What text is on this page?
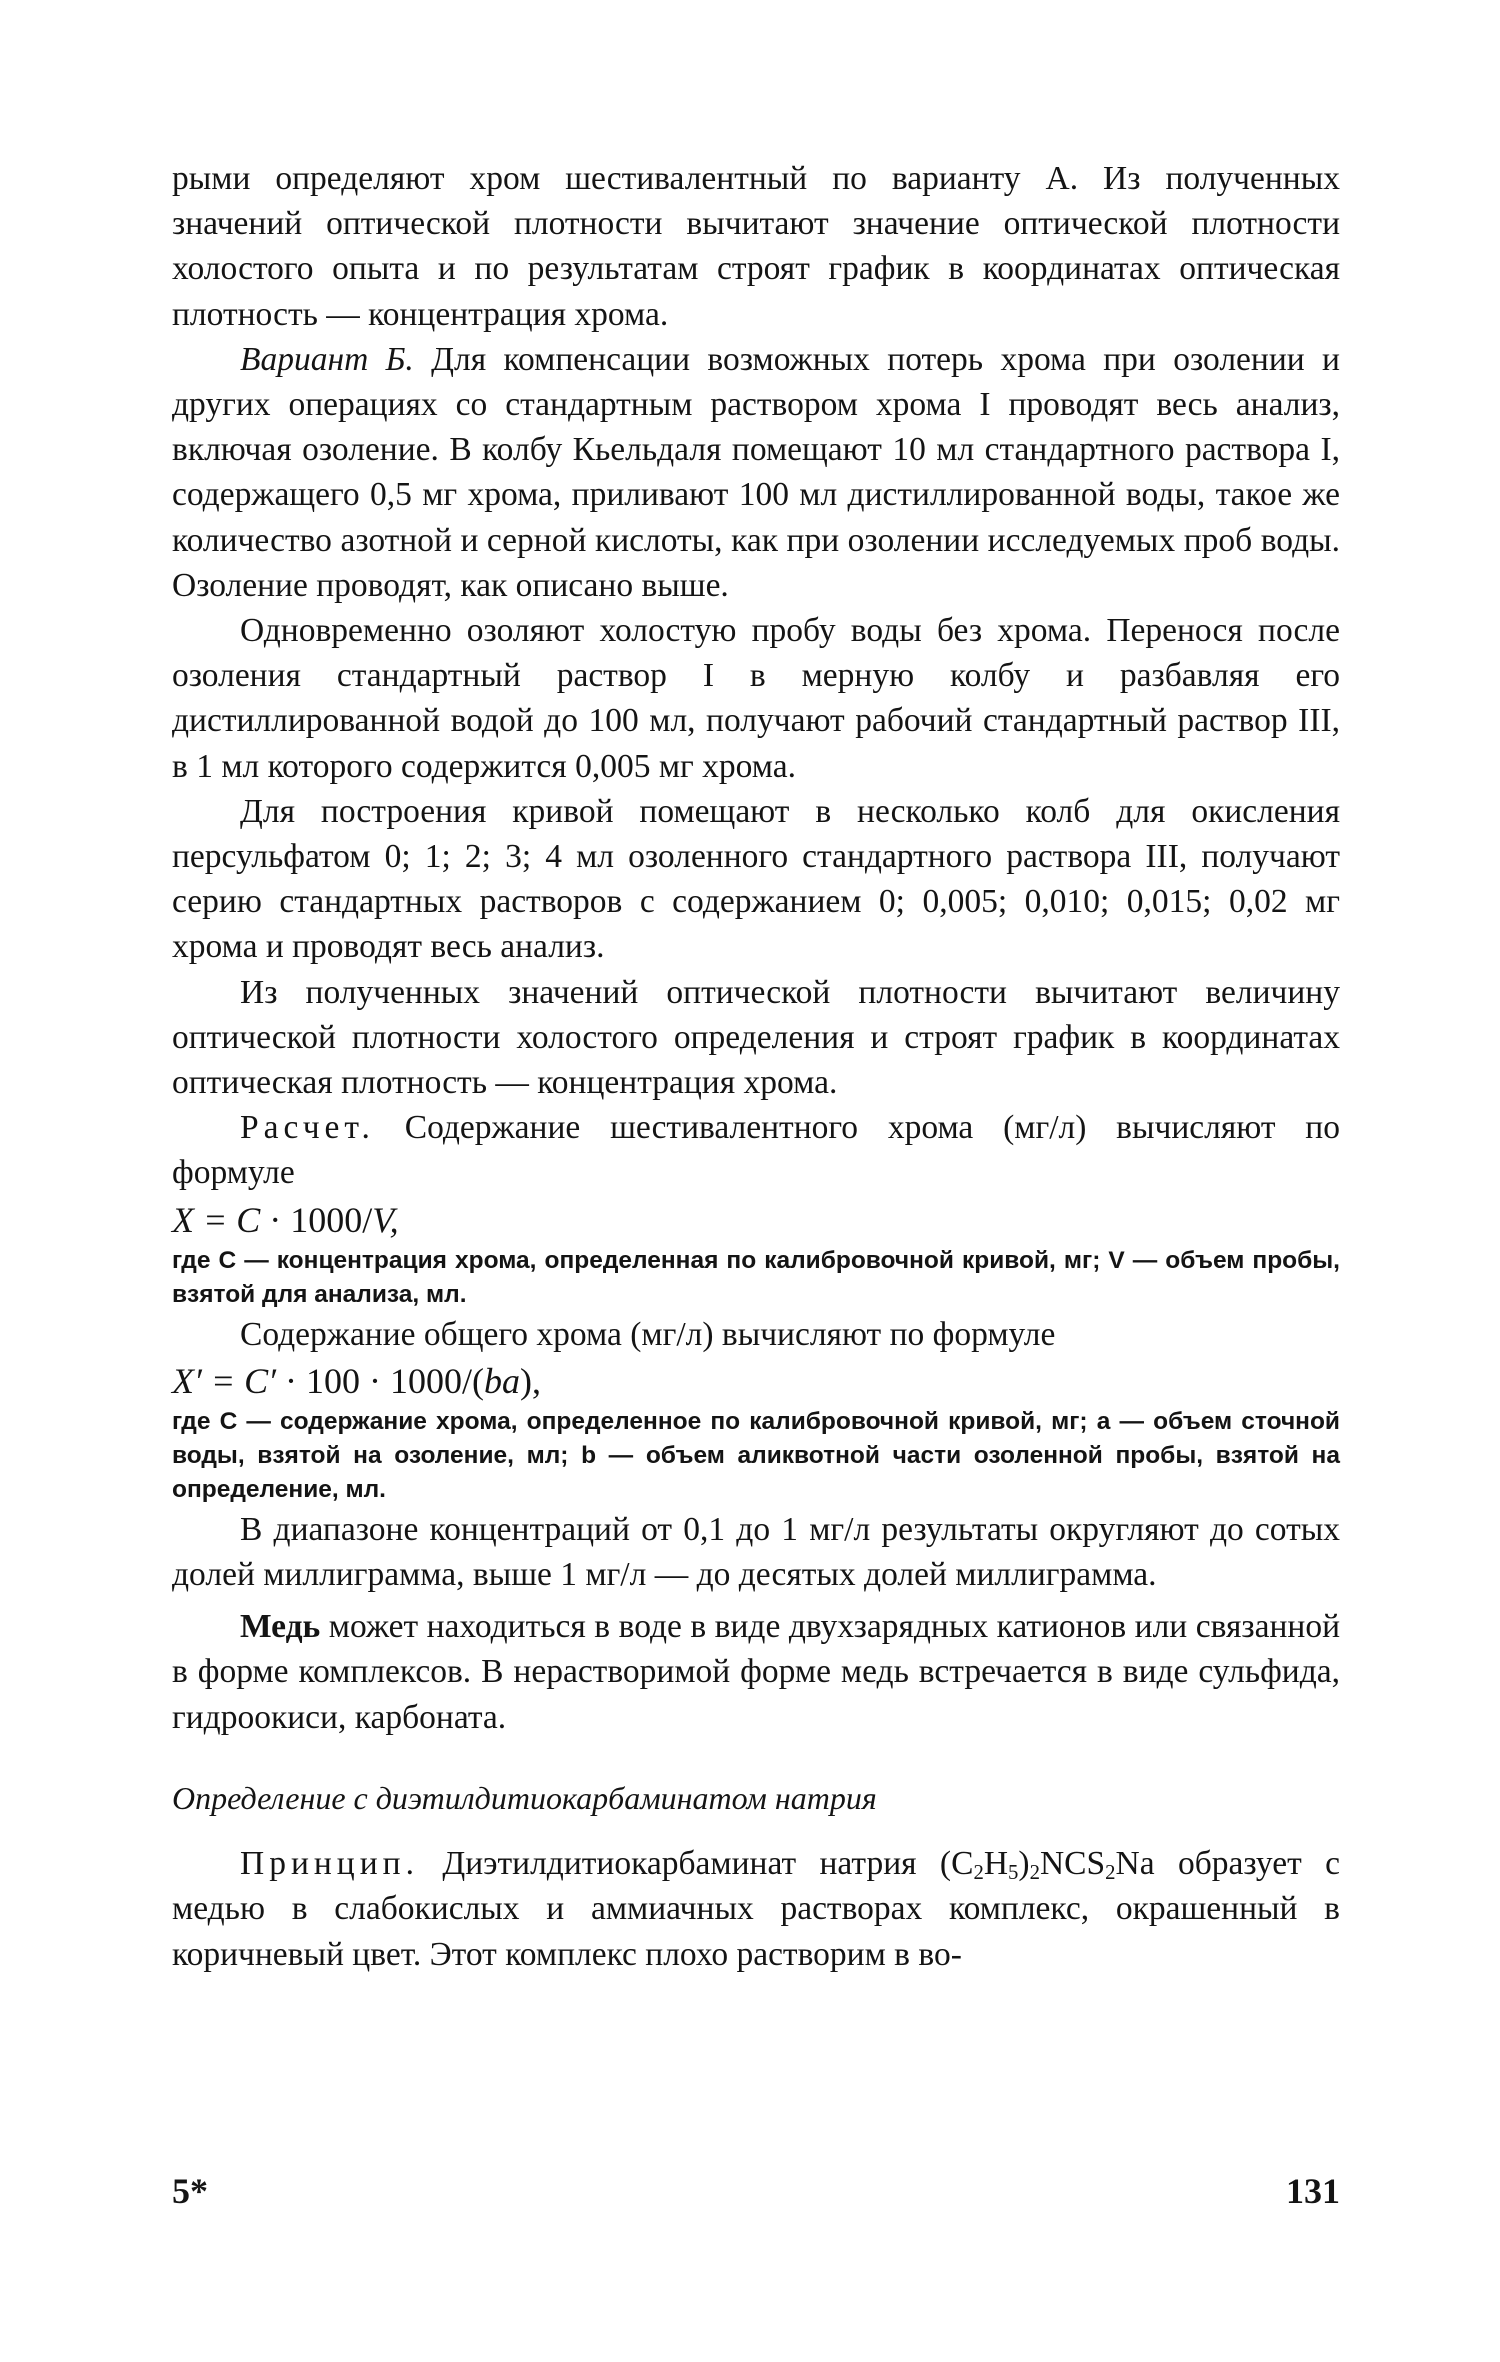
рыми определяют хром шестивалентный по варианту А. Из полученных значений оптической плотности вычитают значение оптической плотности холостого опыта и по результатам строят график в координатах оптическая плотность — концентрация хрома.

Вариант Б. Для компенсации возможных потерь хрома при озолении и других операциях со стандартным раствором хрома I проводят весь анализ, включая озоление. В колбу Кьельдаля помещают 10 мл стандартного раствора I, содержащего 0,5 мг хрома, приливают 100 мл дистиллированной воды, такое же количество азотной и серной кислоты, как при озолении исследуемых проб воды. Озоление проводят, как описано выше.

Одновременно озоляют холостую пробу воды без хрома. Перенося после озоления стандартный раствор I в мерную колбу и разбавляя его дистиллированной водой до 100 мл, получают рабочий стандартный раствор III, в 1 мл которого содержится 0,005 мг хрома.

Для построения кривой помещают в несколько колб для окисления персульфатом 0; 1; 2; 3; 4 мл озоленного стандартного раствора III, получают серию стандартных растворов с содержанием 0; 0,005; 0,010; 0,015; 0,02 мг хрома и проводят весь анализ.

Из полученных значений оптической плотности вычитают величину оптической плотности холостого определения и строят график в координатах оптическая плотность — концентрация хрома.

Расчет. Содержание шестивалентного хрома (мг/л) вычисляют по формуле

X = C · 1000/V,

где C — концентрация хрома, определенная по калибровочной кривой, мг; V — объем пробы, взятой для анализа, мл.

Содержание общего хрома (мг/л) вычисляют по формуле

X′ = C′ · 100 · 1000/(ba),

где C — содержание хрома, определенное по калибровочной кривой, мг; a — объем сточной воды, взятой на озоление, мл; b — объем аликвотной части озоленной пробы, взятой на определение, мл.

В диапазоне концентраций от 0,1 до 1 мг/л результаты округляют до сотых долей миллиграмма, выше 1 мг/л — до десятых долей миллиграмма.

Медь может находиться в воде в виде двухзарядных катионов или связанной в форме комплексов. В нерастворимой форме медь встречается в виде сульфида, гидроокиси, карбоната.

Определение с диэтилдитиокарбаминатом натрия

Принцип. Диэтилдитиокарбаминат натрия $(C_2H_5)_2NCS_2Na$ образует с медью в слабокислых и аммиачных растворах комплекс, окрашенный в коричневый цвет. Этот комплекс плохо растворим в во-

5*	131
